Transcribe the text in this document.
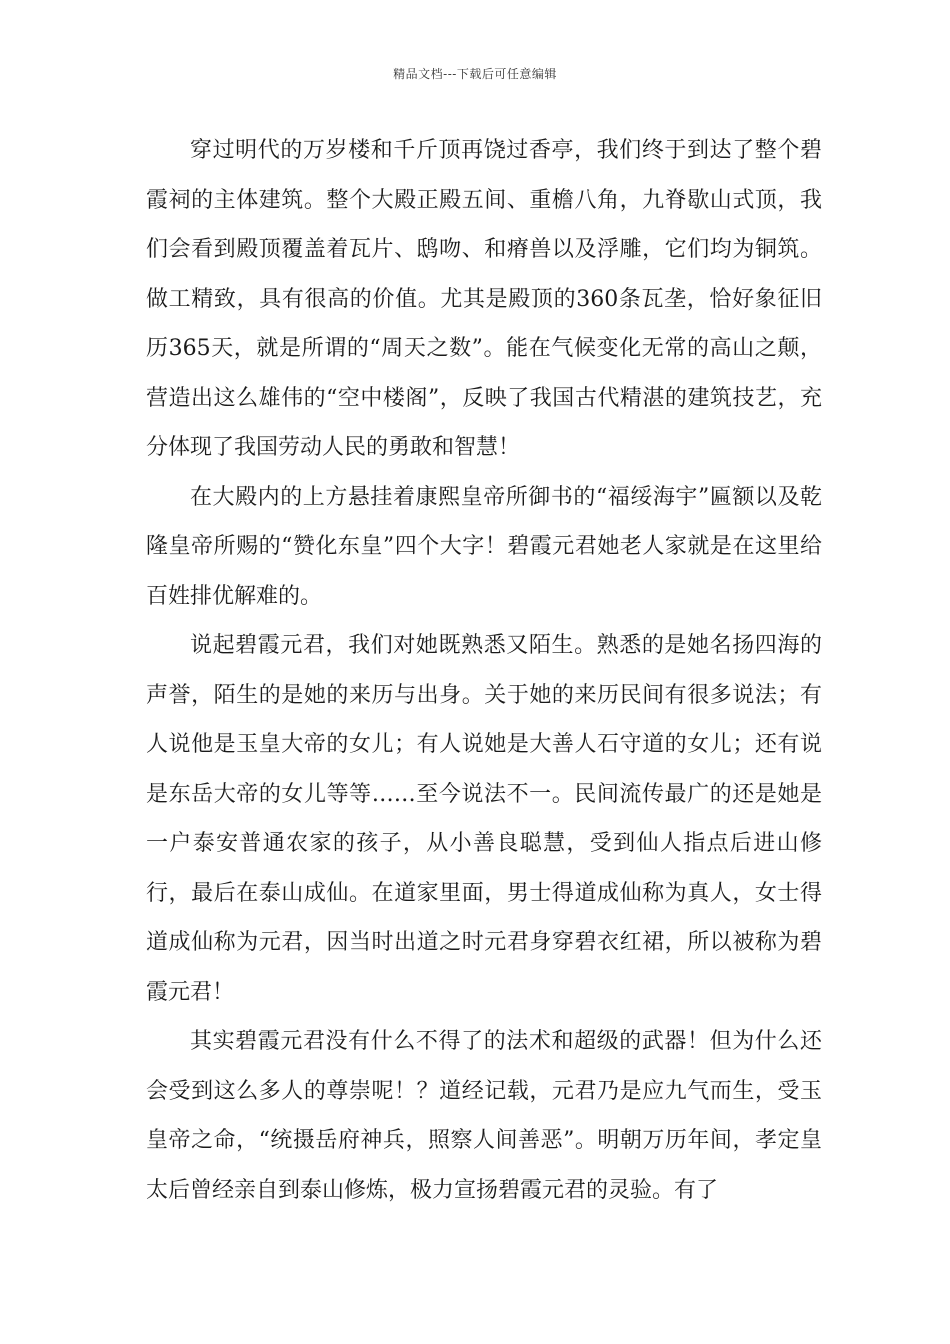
精品文档---下载后可任意编辑

穿过明代的万岁楼和千斤顶再饶过香亭，我们终于到达了整个碧霞祠的主体建筑。整个大殿正殿五间、重檐八角，九脊歇山式顶，我们会看到殿顶覆盖着瓦片、鸱吻、和瘠兽以及浮雕，它们均为铜筑。做工精致，具有很高的价值。尤其是殿顶的360条瓦垄，恰好象征旧历365天，就是所谓的“周天之数”。能在气候变化无常的高山之颠，营造出这么雄伟的“空中楼阁”，反映了我国古代精湛的建筑技艺，充分体现了我国劳动人民的勇敢和智慧！

在大殿内的上方悬挂着康熙皇帝所御书的“福绥海宇”匾额以及乾隆皇帝所赐的“赞化东皇”四个大字！碧霞元君她老人家就是在这里给百姓排优解难的。

说起碧霞元君，我们对她既熟悉又陌生。熟悉的是她名扬四海的声誉，陌生的是她的来历与出身。关于她的来历民间有很多说法；有人说他是玉皇大帝的女儿；有人说她是大善人石守道的女儿；还有说是东岳大帝的女儿等等……至今说法不一。民间流传最广的还是她是一户泰安普通农家的孩子，从小善良聪慧，受到仙人指点后进山修行，最后在泰山成仙。在道家里面，男士得道成仙称为真人，女士得道成仙称为元君，因当时出道之时元君身穿碧衣红裙，所以被称为碧霞元君！

其实碧霞元君没有什么不得了的法术和超级的武器！但为什么还会受到这么多人的尊崇呢！？道经记载，元君乃是应九气而生，受玉皇帝之命，“统摄岳府神兵，照察人间善恶”。明朝万历年间，孝定皇太后曾经亲自到泰山修炼，极力宣扬碧霞元君的灵验。有了
